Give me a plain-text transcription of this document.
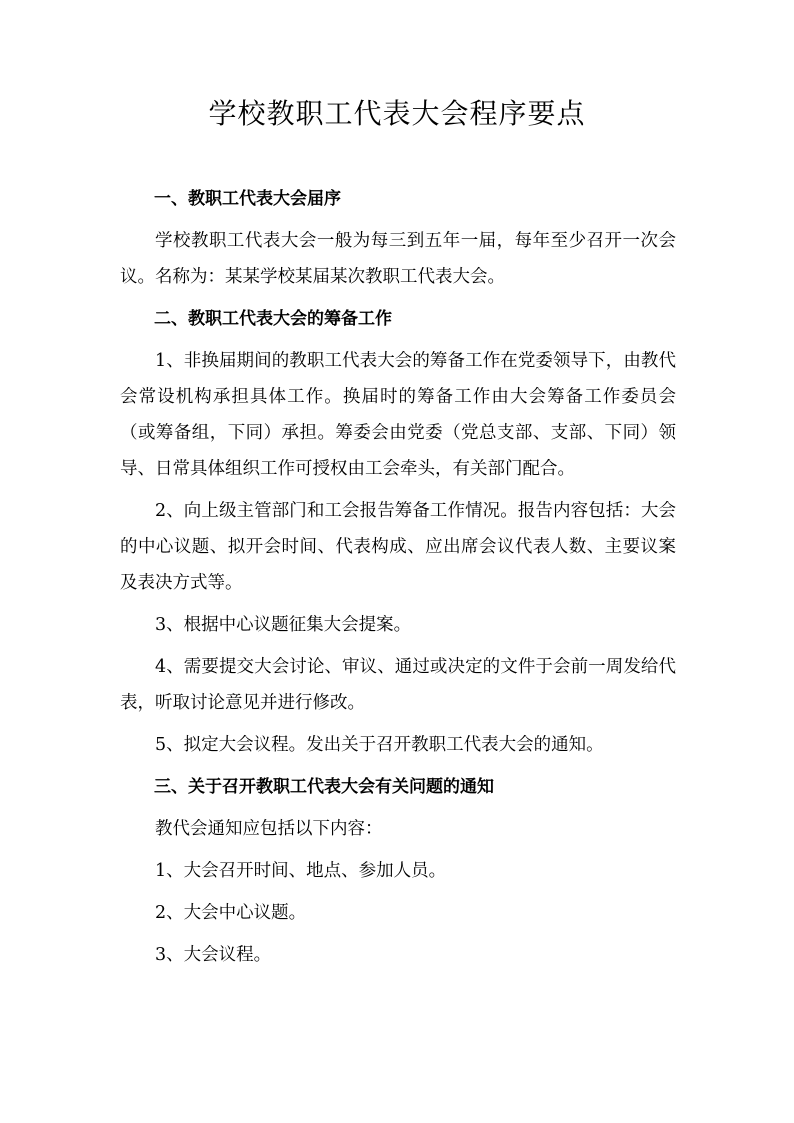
学校教职工代表大会程序要点

一、教职工代表大会届序

学校教职工代表大会一般为每三到五年一届，每年至少召开一次会议。名称为：某某学校某届某次教职工代表大会。

二、教职工代表大会的筹备工作

1、非换届期间的教职工代表大会的筹备工作在党委领导下，由教代会常设机构承担具体工作。换届时的筹备工作由大会筹备工作委员会（或筹备组，下同）承担。筹委会由党委（党总支部、支部、下同）领导、日常具体组织工作可授权由工会牵头，有关部门配合。

2、向上级主管部门和工会报告筹备工作情况。报告内容包括：大会的中心议题、拟开会时间、代表构成、应出席会议代表人数、主要议案及表决方式等。

3、根据中心议题征集大会提案。

4、需要提交大会讨论、审议、通过或决定的文件于会前一周发给代表，听取讨论意见并进行修改。

5、拟定大会议程。发出关于召开教职工代表大会的通知。

三、关于召开教职工代表大会有关问题的通知

教代会通知应包括以下内容：

1、大会召开时间、地点、参加人员。

2、大会中心议题。

3、大会议程。
